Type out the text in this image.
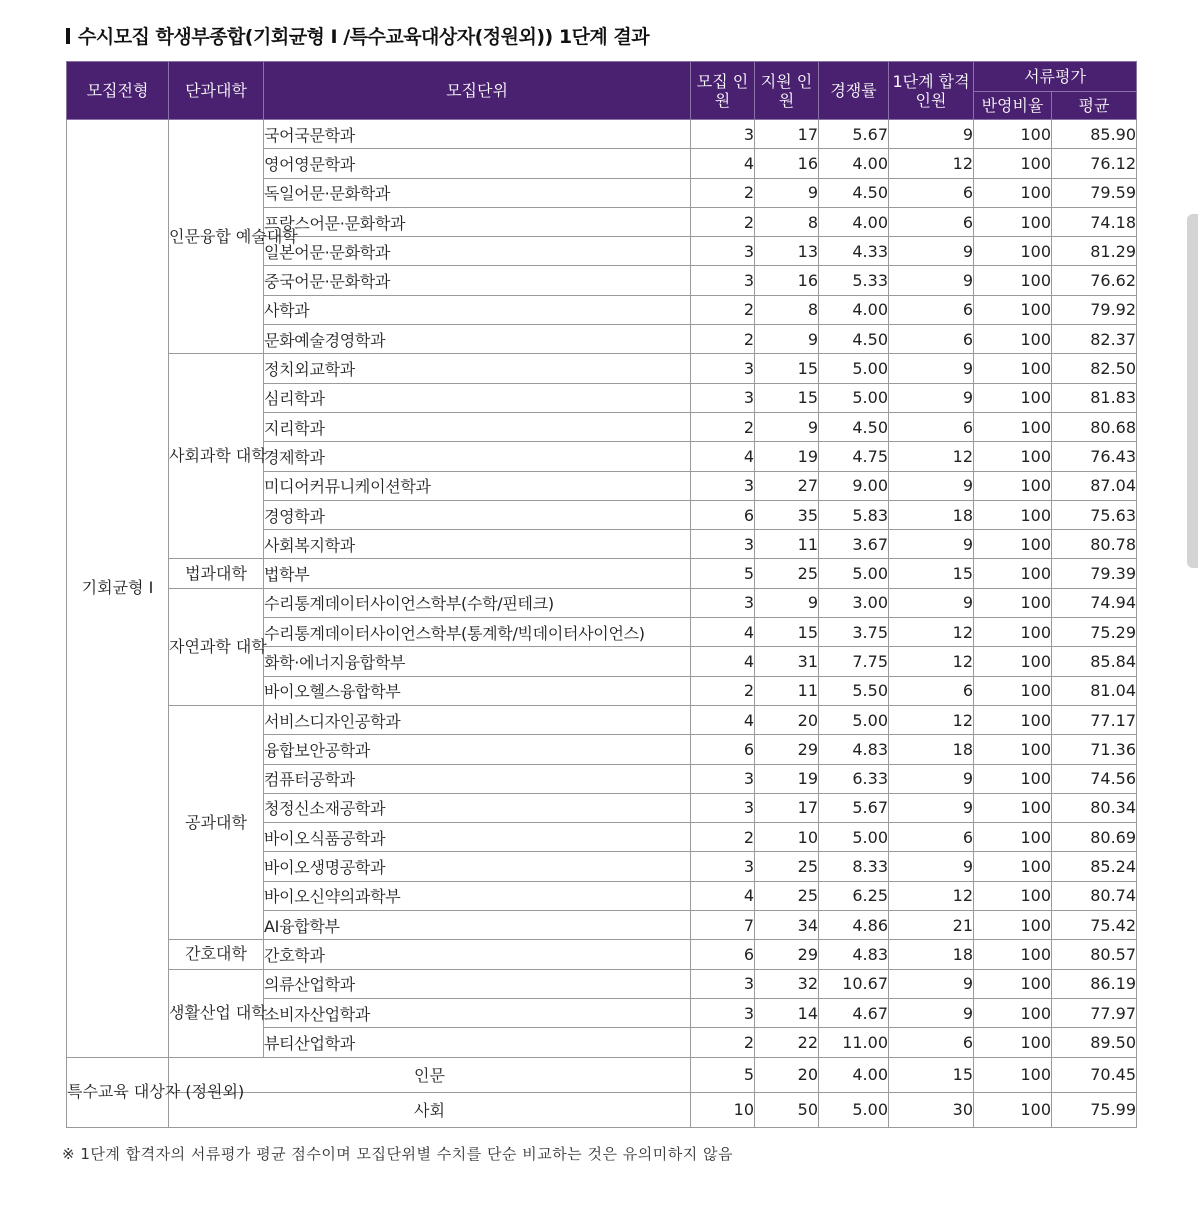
수시모집 학생부종합(기회균형 I /특수교육대상자(정원외)) 1단계 결과
모집전형	단과대학	모집단위	모집 인원	지원 인원	경쟁률	1단계 합격인원	서류평가	
							반영비율	평균
기회균형 I	인문융합 예술대학	국어국문학과	3	17	5.67	9	100	85.90
		영어영문학과	4	16	4.00	12	100	76.12
		독일어문·문화학과	2	9	4.50	6	100	79.59
		프랑스어문·문화학과	2	8	4.00	6	100	74.18
		일본어문·문화학과	3	13	4.33	9	100	81.29
		중국어문·문화학과	3	16	5.33	9	100	76.62
		사학과	2	8	4.00	6	100	79.92
		문화예술경영학과	2	9	4.50	6	100	82.37
	사회과학 대학	정치외교학과	3	15	5.00	9	100	82.50
		심리학과	3	15	5.00	9	100	81.83
		지리학과	2	9	4.50	6	100	80.68
		경제학과	4	19	4.75	12	100	76.43
		미디어커뮤니케이션학과	3	27	9.00	9	100	87.04
		경영학과	6	35	5.83	18	100	75.63
		사회복지학과	3	11	3.67	9	100	80.78
	법과대학	법학부	5	25	5.00	15	100	79.39
	자연과학 대학	수리통계데이터사이언스학부(수학/핀테크)	3	9	3.00	9	100	74.94
		수리통계데이터사이언스학부(통계학/빅데이터사이언스)	4	15	3.75	12	100	75.29
		화학·에너지융합학부	4	31	7.75	12	100	85.84
		바이오헬스융합학부	2	11	5.50	6	100	81.04
	공과대학	서비스디자인공학과	4	20	5.00	12	100	77.17
		융합보안공학과	6	29	4.83	18	100	71.36
		컴퓨터공학과	3	19	6.33	9	100	74.56
		청정신소재공학과	3	17	5.67	9	100	80.34
		바이오식품공학과	2	10	5.00	6	100	80.69
		바이오생명공학과	3	25	8.33	9	100	85.24
		바이오신약의과학부	4	25	6.25	12	100	80.74
		AI융합학부	7	34	4.86	21	100	75.42
	간호대학	간호학과	6	29	4.83	18	100	80.57
	생활산업 대학	의류산업학과	3	32	10.67	9	100	86.19
		소비자산업학과	3	14	4.67	9	100	77.97
		뷰티산업학과	2	22	11.00	6	100	89.50
특수교육 대상자 (정원외)	인문		5	20	4.00	15	100	70.45
	사회		10	50	5.00	30	100	75.99
※ 1단계 합격자의 서류평가 평균 점수이며 모집단위별 수치를 단순 비교하는 것은 유의미하지 않음
